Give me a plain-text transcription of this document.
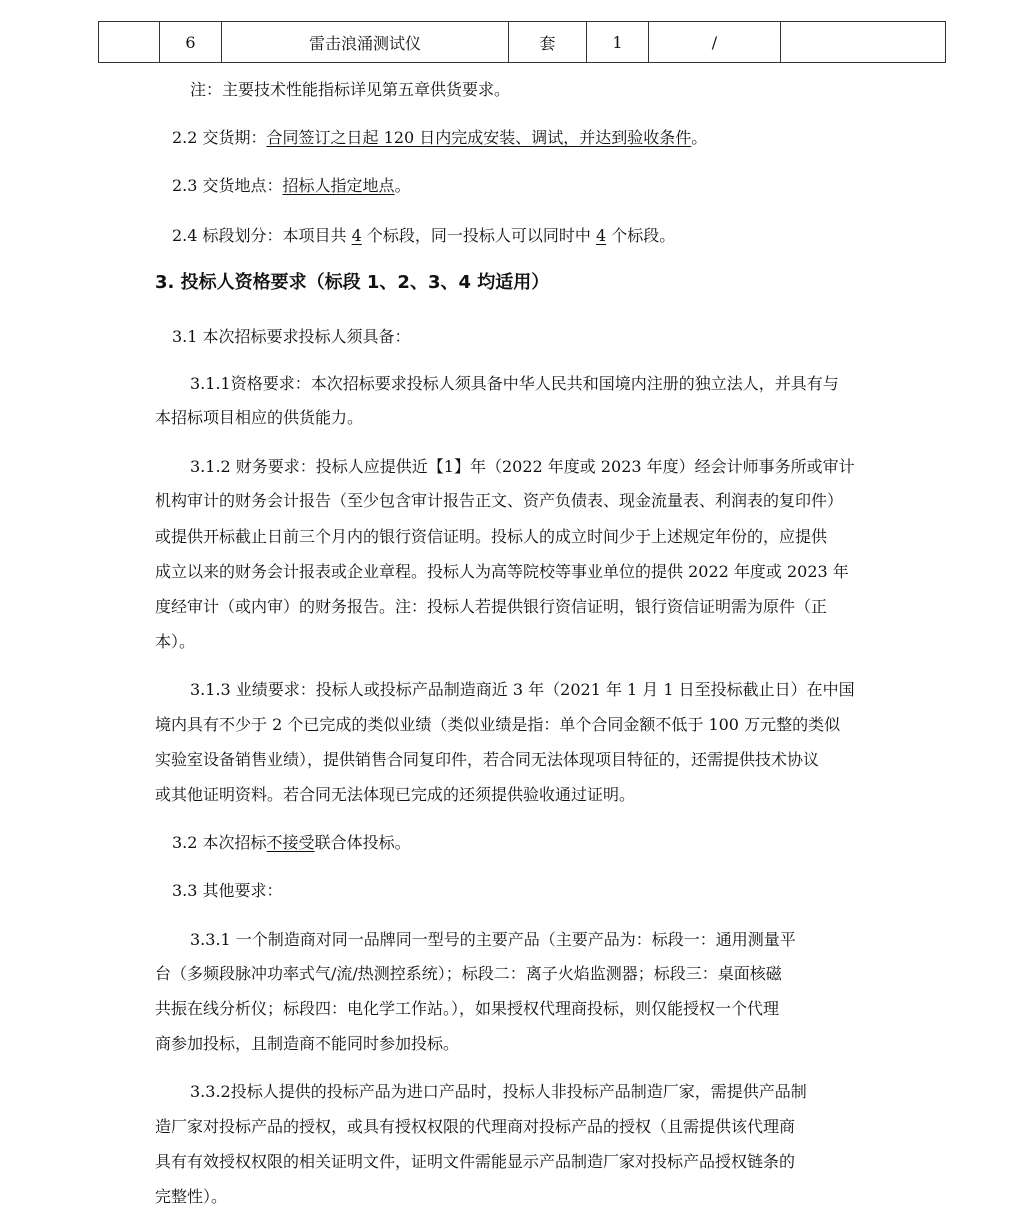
	6	雷击浪涌测试仪	套	1	/	

注：主要技术性能指标详见第五章供货要求。

2.2 交货期：合同签订之日起 120 日内完成安装、调试，并达到验收条件。

2.3 交货地点：招标人指定地点。

2.4 标段划分：本项目共 4 个标段，同一投标人可以同时中 4 个标段。

3. 投标人资格要求（标段 1、2、3、4 均适用）

3.1 本次招标要求投标人须具备：

3.1.1资格要求：本次招标要求投标人须具备中华人民共和国境内注册的独立法人，并具有与

本招标项目相应的供货能力。

3.1.2 财务要求：投标人应提供近【1】年（2022 年度或 2023 年度）经会计师事务所或审计

机构审计的财务会计报告（至少包含审计报告正文、资产负债表、现金流量表、利润表的复印件）

或提供开标截止日前三个月内的银行资信证明。投标人的成立时间少于上述规定年份的，应提供

成立以来的财务会计报表或企业章程。投标人为高等院校等事业单位的提供 2022 年度或 2023 年

度经审计（或内审）的财务报告。注：投标人若提供银行资信证明，银行资信证明需为原件（正

本）。

3.1.3 业绩要求：投标人或投标产品制造商近 3 年（2021 年 1 月 1 日至投标截止日）在中国

境内具有不少于 2 个已完成的类似业绩（类似业绩是指：单个合同金额不低于 100 万元整的类似

实验室设备销售业绩），提供销售合同复印件，若合同无法体现项目特征的，还需提供技术协议

或其他证明资料。若合同无法体现已完成的还须提供验收通过证明。

3.2 本次招标不接受联合体投标。

3.3 其他要求：

3.3.1 一个制造商对同一品牌同一型号的主要产品（主要产品为：标段一：通用测量平

台（多频段脉冲功率式气/流/热测控系统）；标段二：离子火焰监测器；标段三：桌面核磁

共振在线分析仪；标段四：电化学工作站。），如果授权代理商投标，则仅能授权一个代理

商参加投标，且制造商不能同时参加投标。

3.3.2投标人提供的投标产品为进口产品时，投标人非投标产品制造厂家，需提供产品制

造厂家对投标产品的授权，或具有授权权限的代理商对投标产品的授权（且需提供该代理商

具有有效授权权限的相关证明文件，证明文件需能显示产品制造厂家对投标产品授权链条的

完整性）。
